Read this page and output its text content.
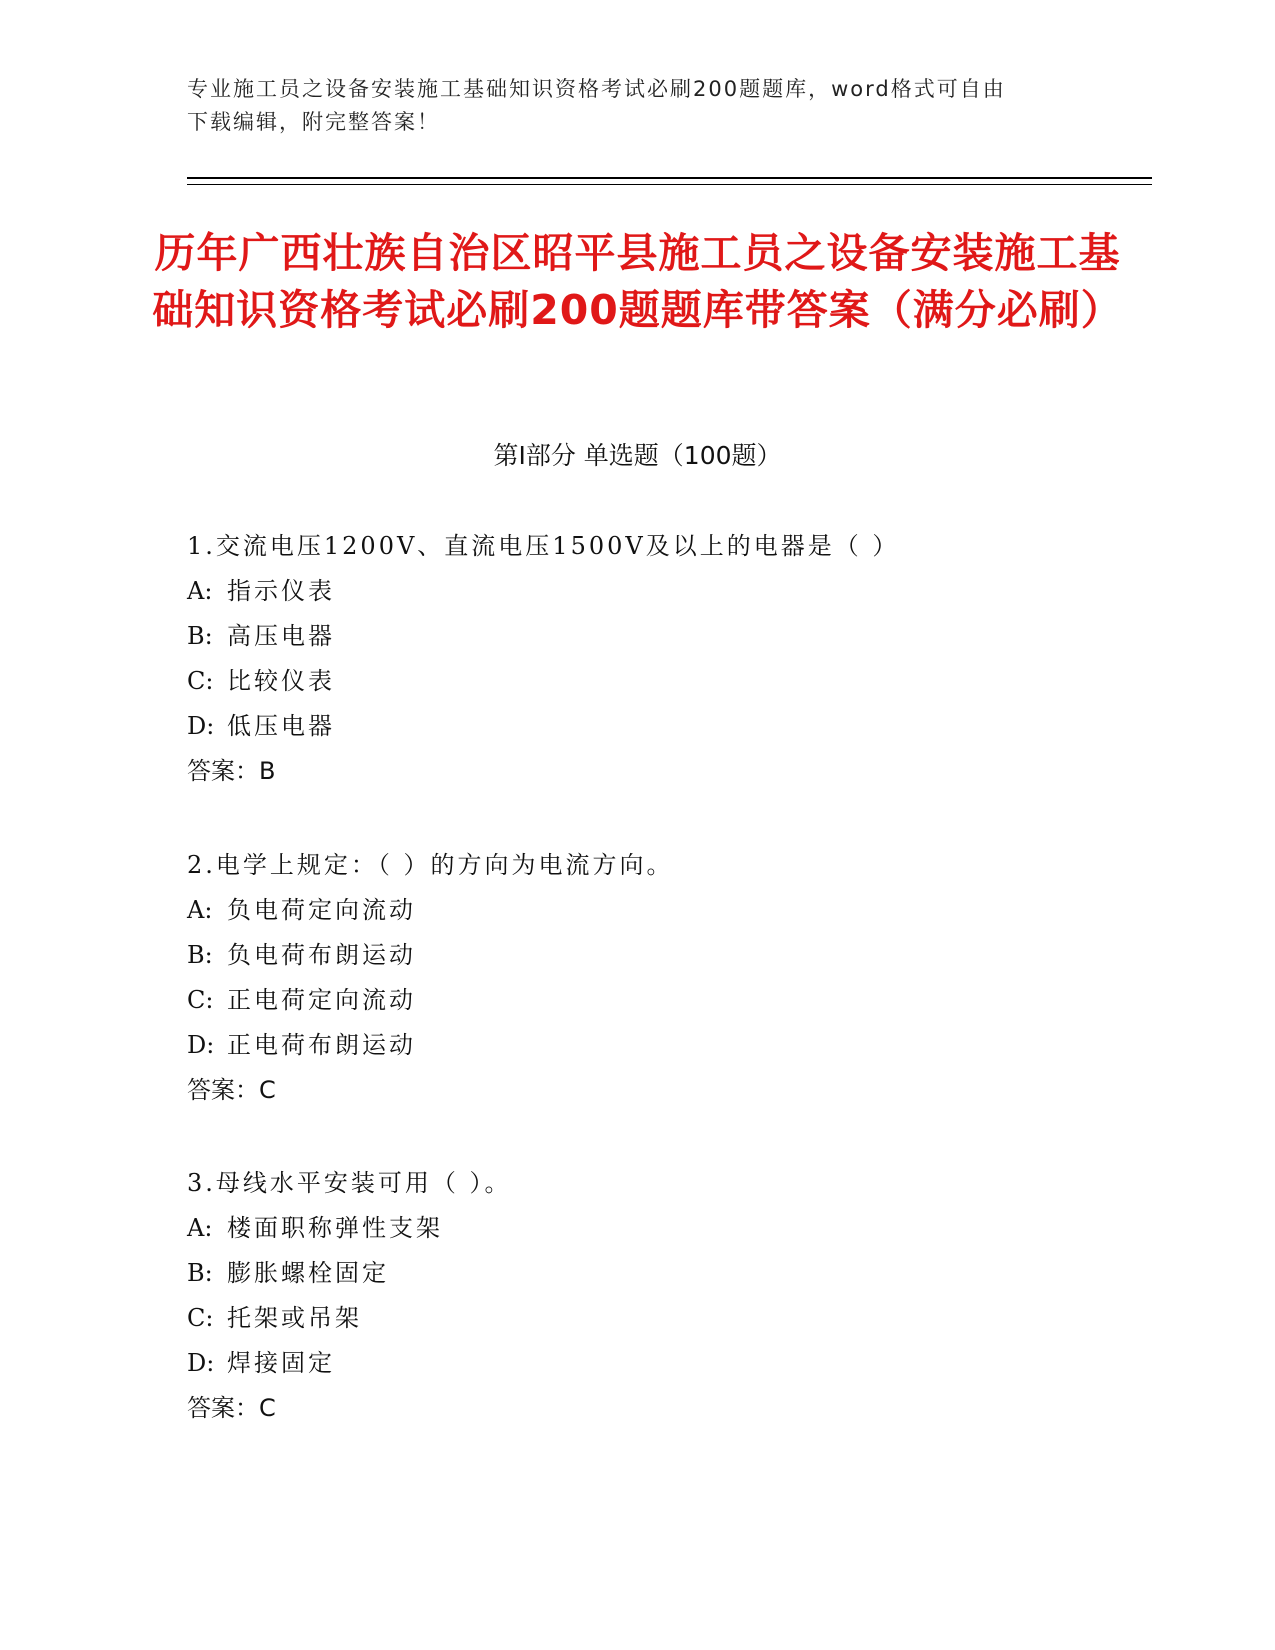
专业施工员之设备安装施工基础知识资格考试必刷200题题库，word格式可自由
下载编辑，附完整答案！
历年广西壮族自治区昭平县施工员之设备安装施工基础知识资格考试必刷200题题库带答案（满分必刷）
第Ⅰ部分 单选题（100题）
1.交流电压1200V、直流电压1500V及以上的电器是（ ）
A: 指示仪表
B: 高压电器
C: 比较仪表
D: 低压电器
答案：B
2.电学上规定：（ ）的方向为电流方向。
A: 负电荷定向流动
B: 负电荷布朗运动
C: 正电荷定向流动
D: 正电荷布朗运动
答案：C
3.母线水平安装可用（ ）。
A: 楼面职称弹性支架
B: 膨胀螺栓固定
C: 托架或吊架
D: 焊接固定
答案：C
